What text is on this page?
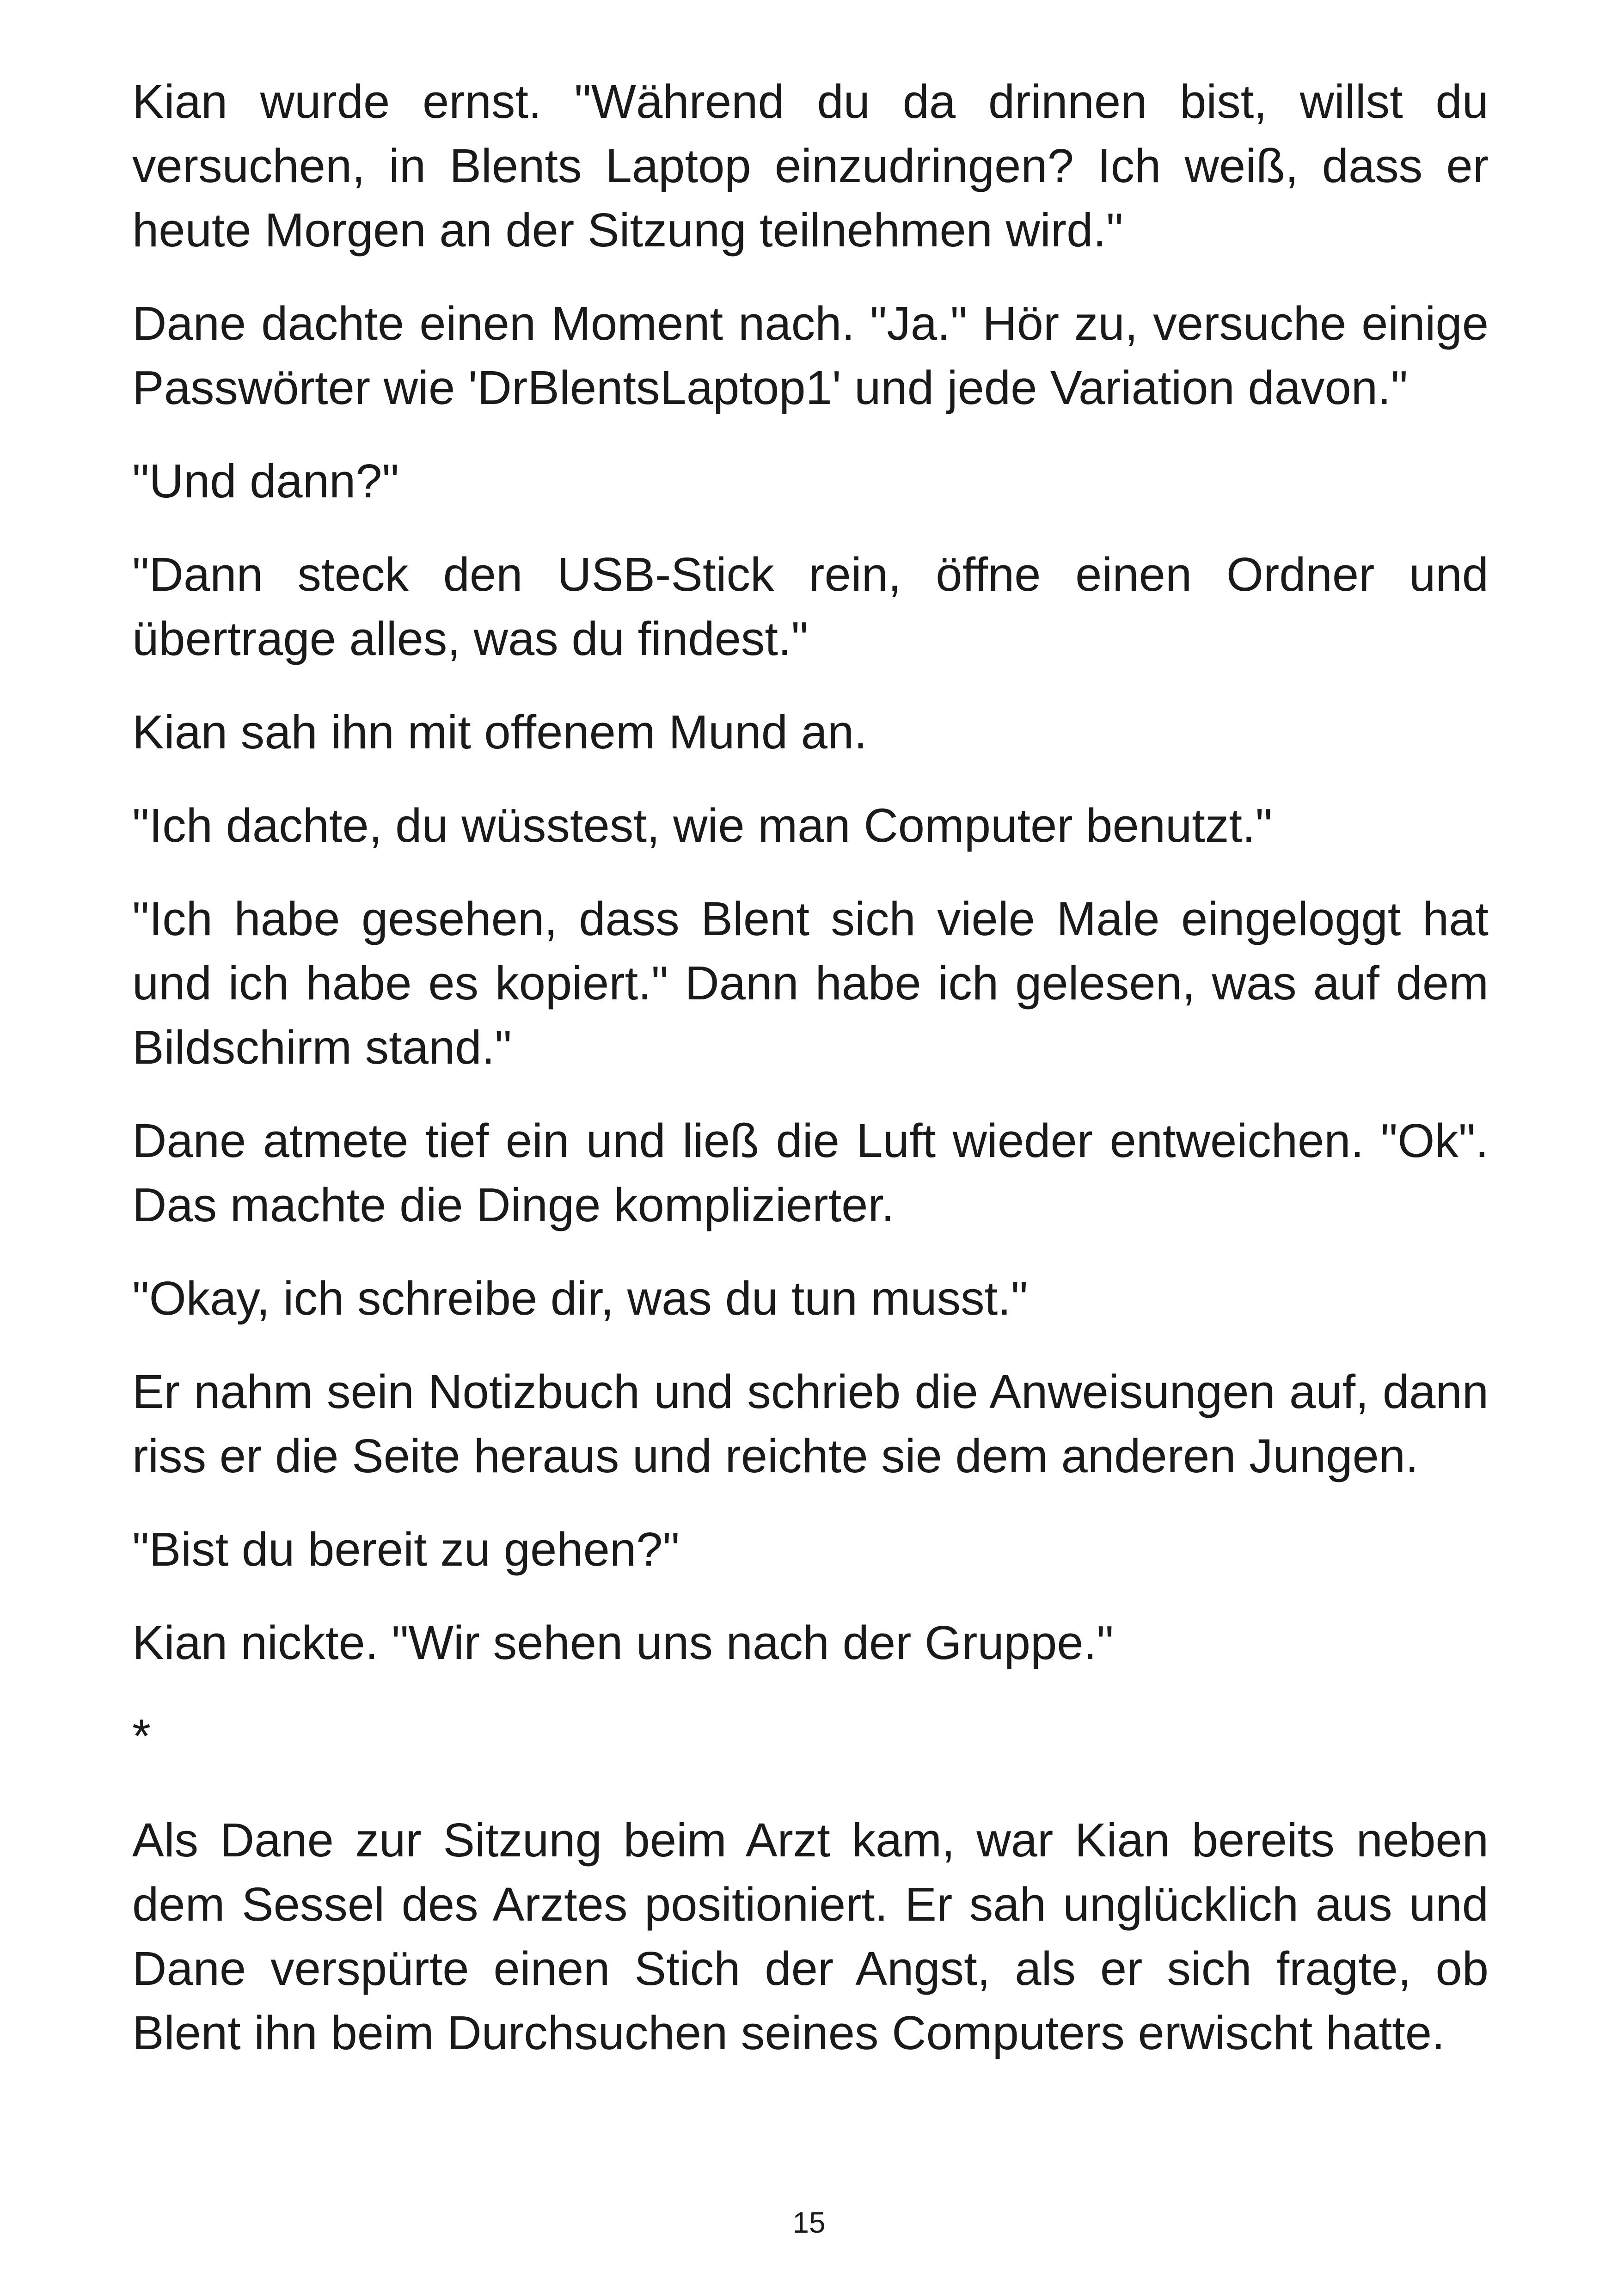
Kian wurde ernst. "Während du da drinnen bist, willst du versuchen, in Blents Laptop einzudringen? Ich weiß, dass er heute Morgen an der Sitzung teilnehmen wird."

Dane dachte einen Moment nach. "Ja." Hör zu, versuche einige Passwörter wie 'DrBlentsLaptop1' und jede Variation davon."

"Und dann?"

"Dann steck den USB-Stick rein, öffne einen Ordner und übertrage alles, was du findest."

Kian sah ihn mit offenem Mund an.

"Ich dachte, du wüsstest, wie man Computer benutzt."

"Ich habe gesehen, dass Blent sich viele Male eingeloggt hat und ich habe es kopiert." Dann habe ich gelesen, was auf dem Bildschirm stand."

Dane atmete tief ein und ließ die Luft wieder entweichen. "Ok". Das machte die Dinge komplizierter.

"Okay, ich schreibe dir, was du tun musst."

Er nahm sein Notizbuch und schrieb die Anweisungen auf, dann riss er die Seite heraus und reichte sie dem anderen Jungen.

"Bist du bereit zu gehen?"

Kian nickte. "Wir sehen uns nach der Gruppe."

*

Als Dane zur Sitzung beim Arzt kam, war Kian bereits neben dem Sessel des Arztes positioniert. Er sah unglücklich aus und Dane verspürte einen Stich der Angst, als er sich fragte, ob Blent ihn beim Durchsuchen seines Computers erwischt hatte.

15
